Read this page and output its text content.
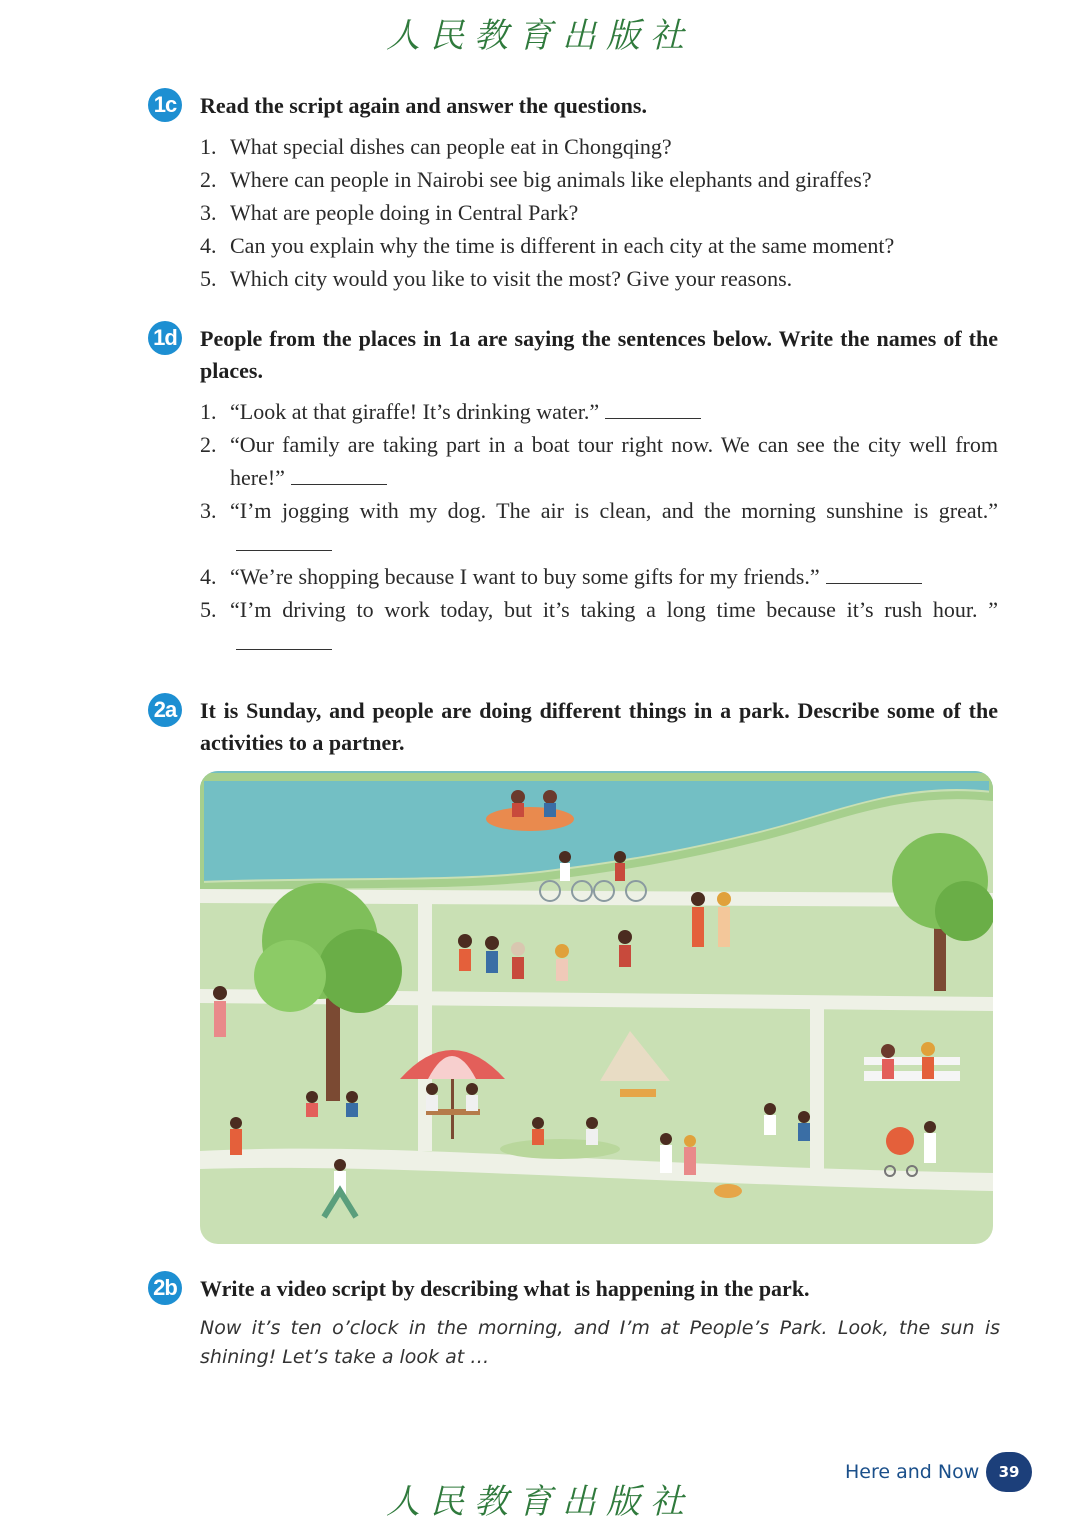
人民教育出版社
1c Read the script again and answer the questions.
1. What special dishes can people eat in Chongqing?
2. Where can people in Nairobi see big animals like elephants and giraffes?
3. What are people doing in Central Park?
4. Can you explain why the time is different in each city at the same moment?
5. Which city would you like to visit the most? Give your reasons.
1d People from the places in 1a are saying the sentences below. Write the names of the places.
1. “Look at that giraffe! It’s drinking water.”
2. “Our family are taking part in a boat tour right now. We can see the city well from here!”
3. “I’m jogging with my dog. The air is clean, and the morning sunshine is great.”
4. “We’re shopping because I want to buy some gifts for my friends.”
5. “I’m driving to work today, but it’s taking a long time because it’s rush hour. ”
2a It is Sunday, and people are doing different things in a park. Describe some of the activities to a partner.
2b Write a video script by describing what is happening in the park.
Now it’s ten o’clock in the morning, and I’m at People’s Park. Look, the sun is shining! Let’s take a look at …
Here and Now	39
人民教育出版社
